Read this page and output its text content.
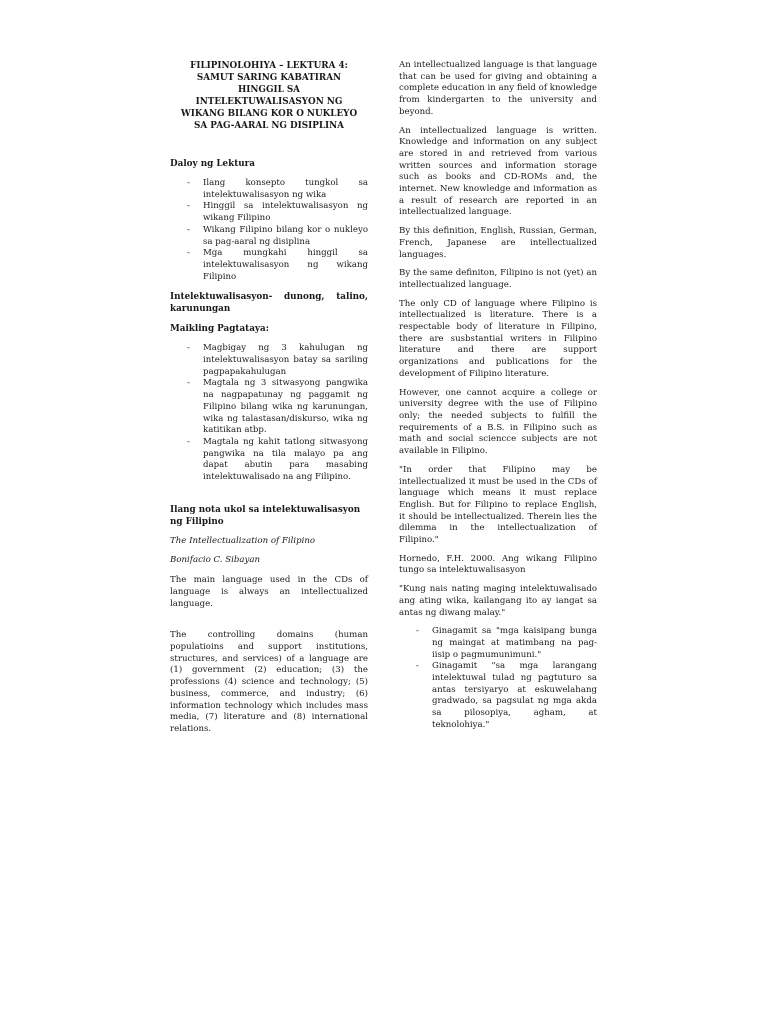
FILIPINOLOHIYA – LEKTURA 4: SAMUT SARING KABATIRAN HINGGIL SA INTELEKTUWALISASYON NG WIKANG BILANG KOR O NUKLEYO SA PAG-AARAL NG DISIPLINA

Daloy ng Lektura
- Ilang konsepto tungkol sa intelektuwalisasyon ng wika
- Hinggil sa intelektuwalisasyon ng wikang Filipino
- Wikang Filipino bilang kor o nukleyo sa pag-aaral ng disiplina
- Mga mungkahi hinggil sa intelektuwalisasyon ng wikang Filipino
Intelektuwalisasyon- dunong, talino, karunungan
Maikling Pagtataya:
- Magbigay ng 3 kahulugan ng intelektuwalisasyon batay sa sariling pagpapakahulugan
- Magtala ng 3 sitwasyong pangwika na nagpapatunay ng paggamit ng Filipino bilang wika ng karunungan, wika ng talastasan/diskurso, wika ng katitikan atbp.
- Magtala ng kahit tatlong sitwasyong pangwika na tila malayo pa ang dapat abutin para masabing intelektuwalisado na ang Filipino.
Ilang nota ukol sa intelektuwalisasyon ng Filipino

The Intellectualization of Filipino

Bonifacio C. Sibayan

The main language used in the CDs of language is always an intellectualized language.

The controlling domains (human populatioins and support institutions, structures, and services) of a language are (1) government (2) education; (3) the professions (4) science and technology; (5) business, commerce, and industry; (6) information technology which includes mass media, (7) literature and (8) international relations.

An intellectualized language is that language that can be used for giving and obtaining a complete education in any field of knowledge from kindergarten to the university and beyond.

An intellectualized language is written. Knowledge and information on any subject are stored in and retrieved from various written sources and information storage such as books and CD-ROMs and, the internet. New knowledge and information as a result of research are reported in an intellectualized language.

By this definition, English, Russian, German, French, Japanese are intellectualized languages.

By the same definiton, Filipino is not (yet) an intellectualized language.

The only CD of language where Filipino is intellectualized is literature. There is a respectable body of literature in Filipino, there are susbstantial writers in Filipino literature and there are support organizations and publications for the development of Filipino literature.

However, one cannot acquire a college or university degree with the use of Filipino only; the needed subjects to fulfill the requirements of a B.S. in Filipino such as math and social sciencce subjects are not available in Filipino.

"In order that Filipino may be intellectualized it must be used in the CDs of language which means it must replace English. But for Filipino to replace English, it should be intellectualized. Therein lies the dilemma in the intellectualization of Filipino."

Hornedo, F.H. 2000. Ang wikang Filipino tungo sa intelektuwalisasyon

"Kung nais nating maging intelektuwalisado ang ating wika, kailangang ito ay iangat sa antas ng diwang malay."

- Ginagamit sa "mga kaisipang bunga ng maingat at matimbang na pag-iisip o pagmumunimuni."
- Ginagamit "sa mga larangang intelektuwal tulad ng pagtuturo sa antas tersiyaryo at eskuwelahang gradwado, sa pagsulat ng mga akda sa pilosopiya, agham, at teknolohiya."
